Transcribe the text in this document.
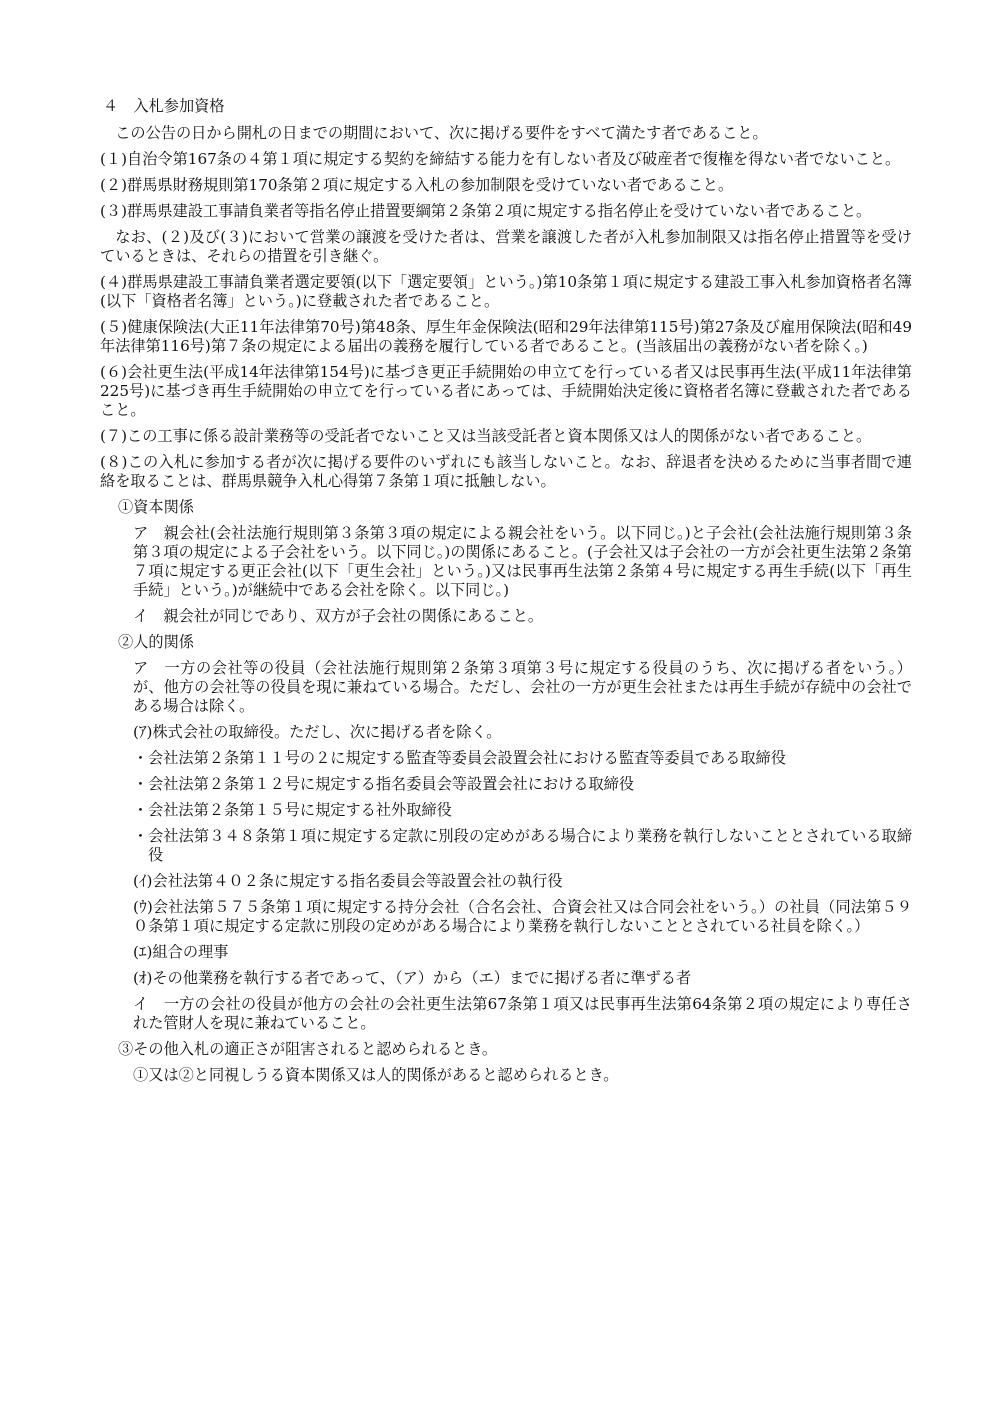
４　入札参加資格

この公告の日から開札の日までの期間において、次に掲げる要件をすべて満たす者であること。

(１)自治令第167条の４第１項に規定する契約を締結する能力を有しない者及び破産者で復権を得ない者でないこと。

(２)群馬県財務規則第170条第２項に規定する入札の参加制限を受けていない者であること。

(３)群馬県建設工事請負業者等指名停止措置要綱第２条第２項に規定する指名停止を受けていない者であること。

なお、(２)及び(３)において営業の譲渡を受けた者は、営業を譲渡した者が入札参加制限又は指名停止措置等を受けているときは、それらの措置を引き継ぐ。

(４)群馬県建設工事請負業者選定要領(以下「選定要領」という。)第10条第１項に規定する建設工事入札参加資格者名簿(以下「資格者名簿」という。)に登載された者であること。

(５)健康保険法(大正11年法律第70号)第48条、厚生年金保険法(昭和29年法律第115号)第27条及び雇用保険法(昭和49年法律第116号)第７条の規定による届出の義務を履行している者であること。(当該届出の義務がない者を除く。)

(６)会社更生法(平成14年法律第154号)に基づき更正手続開始の申立てを行っている者又は民事再生法(平成11年法律第225号)に基づき再生手続開始の申立てを行っている者にあっては、手続開始決定後に資格者名簿に登載された者であること。

(７)この工事に係る設計業務等の受託者でないこと又は当該受託者と資本関係又は人的関係がない者であること。

(８)この入札に参加する者が次に掲げる要件のいずれにも該当しないこと。なお、辞退者を決めるために当事者間で連絡を取ることは、群馬県競争入札心得第７条第１項に抵触しない。

①資本関係

ア　親会社(会社法施行規則第３条第３項の規定による親会社をいう。以下同じ。)と子会社(会社法施行規則第３条第３項の規定による子会社をいう。以下同じ。)の関係にあること。(子会社又は子会社の一方が会社更生法第２条第７項に規定する更正会社(以下「更生会社」という。)又は民事再生法第２条第４号に規定する再生手続(以下「再生手続」という。)が継続中である会社を除く。以下同じ。)

イ　親会社が同じであり、双方が子会社の関係にあること。

②人的関係

ア　一方の会社等の役員（会社法施行規則第２条第３項第３号に規定する役員のうち、次に掲げる者をいう。）が、他方の会社等の役員を現に兼ねている場合。ただし、会社の一方が更生会社または再生手続が存続中の会社である場合は除く。

(ｱ)株式会社の取締役。ただし、次に掲げる者を除く。

・会社法第２条第１１号の２に規定する監査等委員会設置会社における監査等委員である取締役

・会社法第２条第１２号に規定する指名委員会等設置会社における取締役

・会社法第２条第１５号に規定する社外取締役

・会社法第３４８条第１項に規定する定款に別段の定めがある場合により業務を執行しないこととされている取締役

(ｲ)会社法第４０２条に規定する指名委員会等設置会社の執行役

(ｳ)会社法第５７５条第１項に規定する持分会社（合名会社、合資会社又は合同会社をいう。）の社員（同法第５９０条第１項に規定する定款に別段の定めがある場合により業務を執行しないこととされている社員を除く。）

(ｴ)組合の理事

(ｵ)その他業務を執行する者であって、（ア）から（エ）までに掲げる者に準ずる者

イ　一方の会社の役員が他方の会社の会社更生法第67条第１項又は民事再生法第64条第２項の規定により専任された管財人を現に兼ねていること。

③その他入札の適正さが阻害されると認められるとき。

①又は②と同視しうる資本関係又は人的関係があると認められるとき。
